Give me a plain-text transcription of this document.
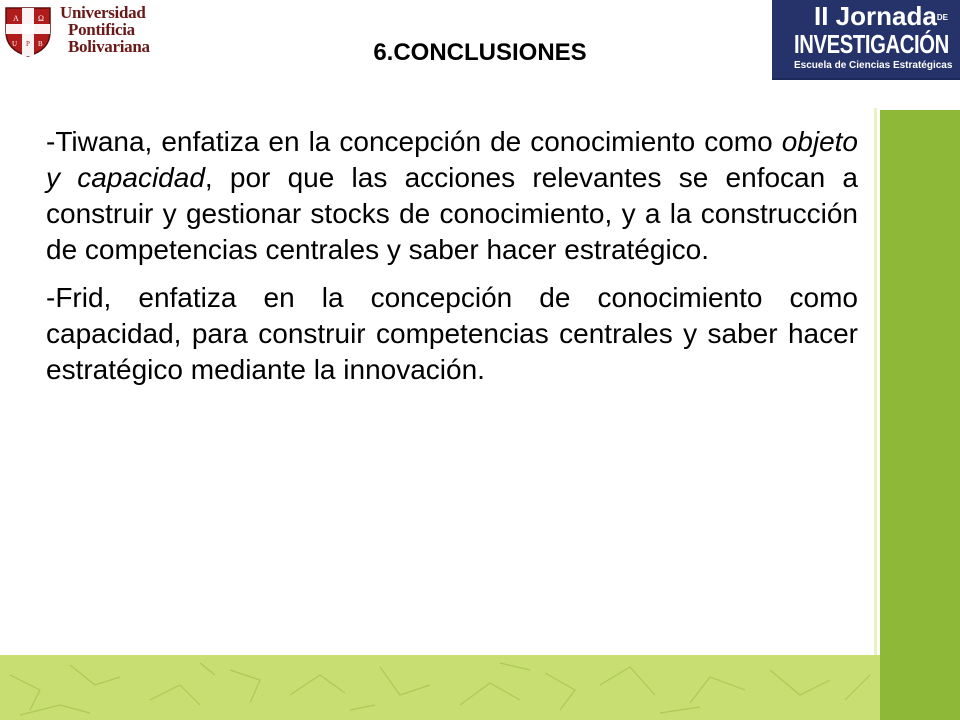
A Ω
U P B
Universidad
Pontificia
Bolivariana	6.CONCLUSIONES
II JornadaDE
INVESTIGACIÓN
Escuela de Ciencias Estratégicas

-Tiwana, enfatiza en la concepción de conocimiento como objeto y capacidad, por que las acciones relevantes se enfocan a construir y gestionar stocks de conocimiento, y a la construcción de competencias centrales y saber hacer estratégico.

-Frid, enfatiza en la concepción de conocimiento como capacidad, para construir competencias centrales y saber hacer estratégico mediante la innovación.
